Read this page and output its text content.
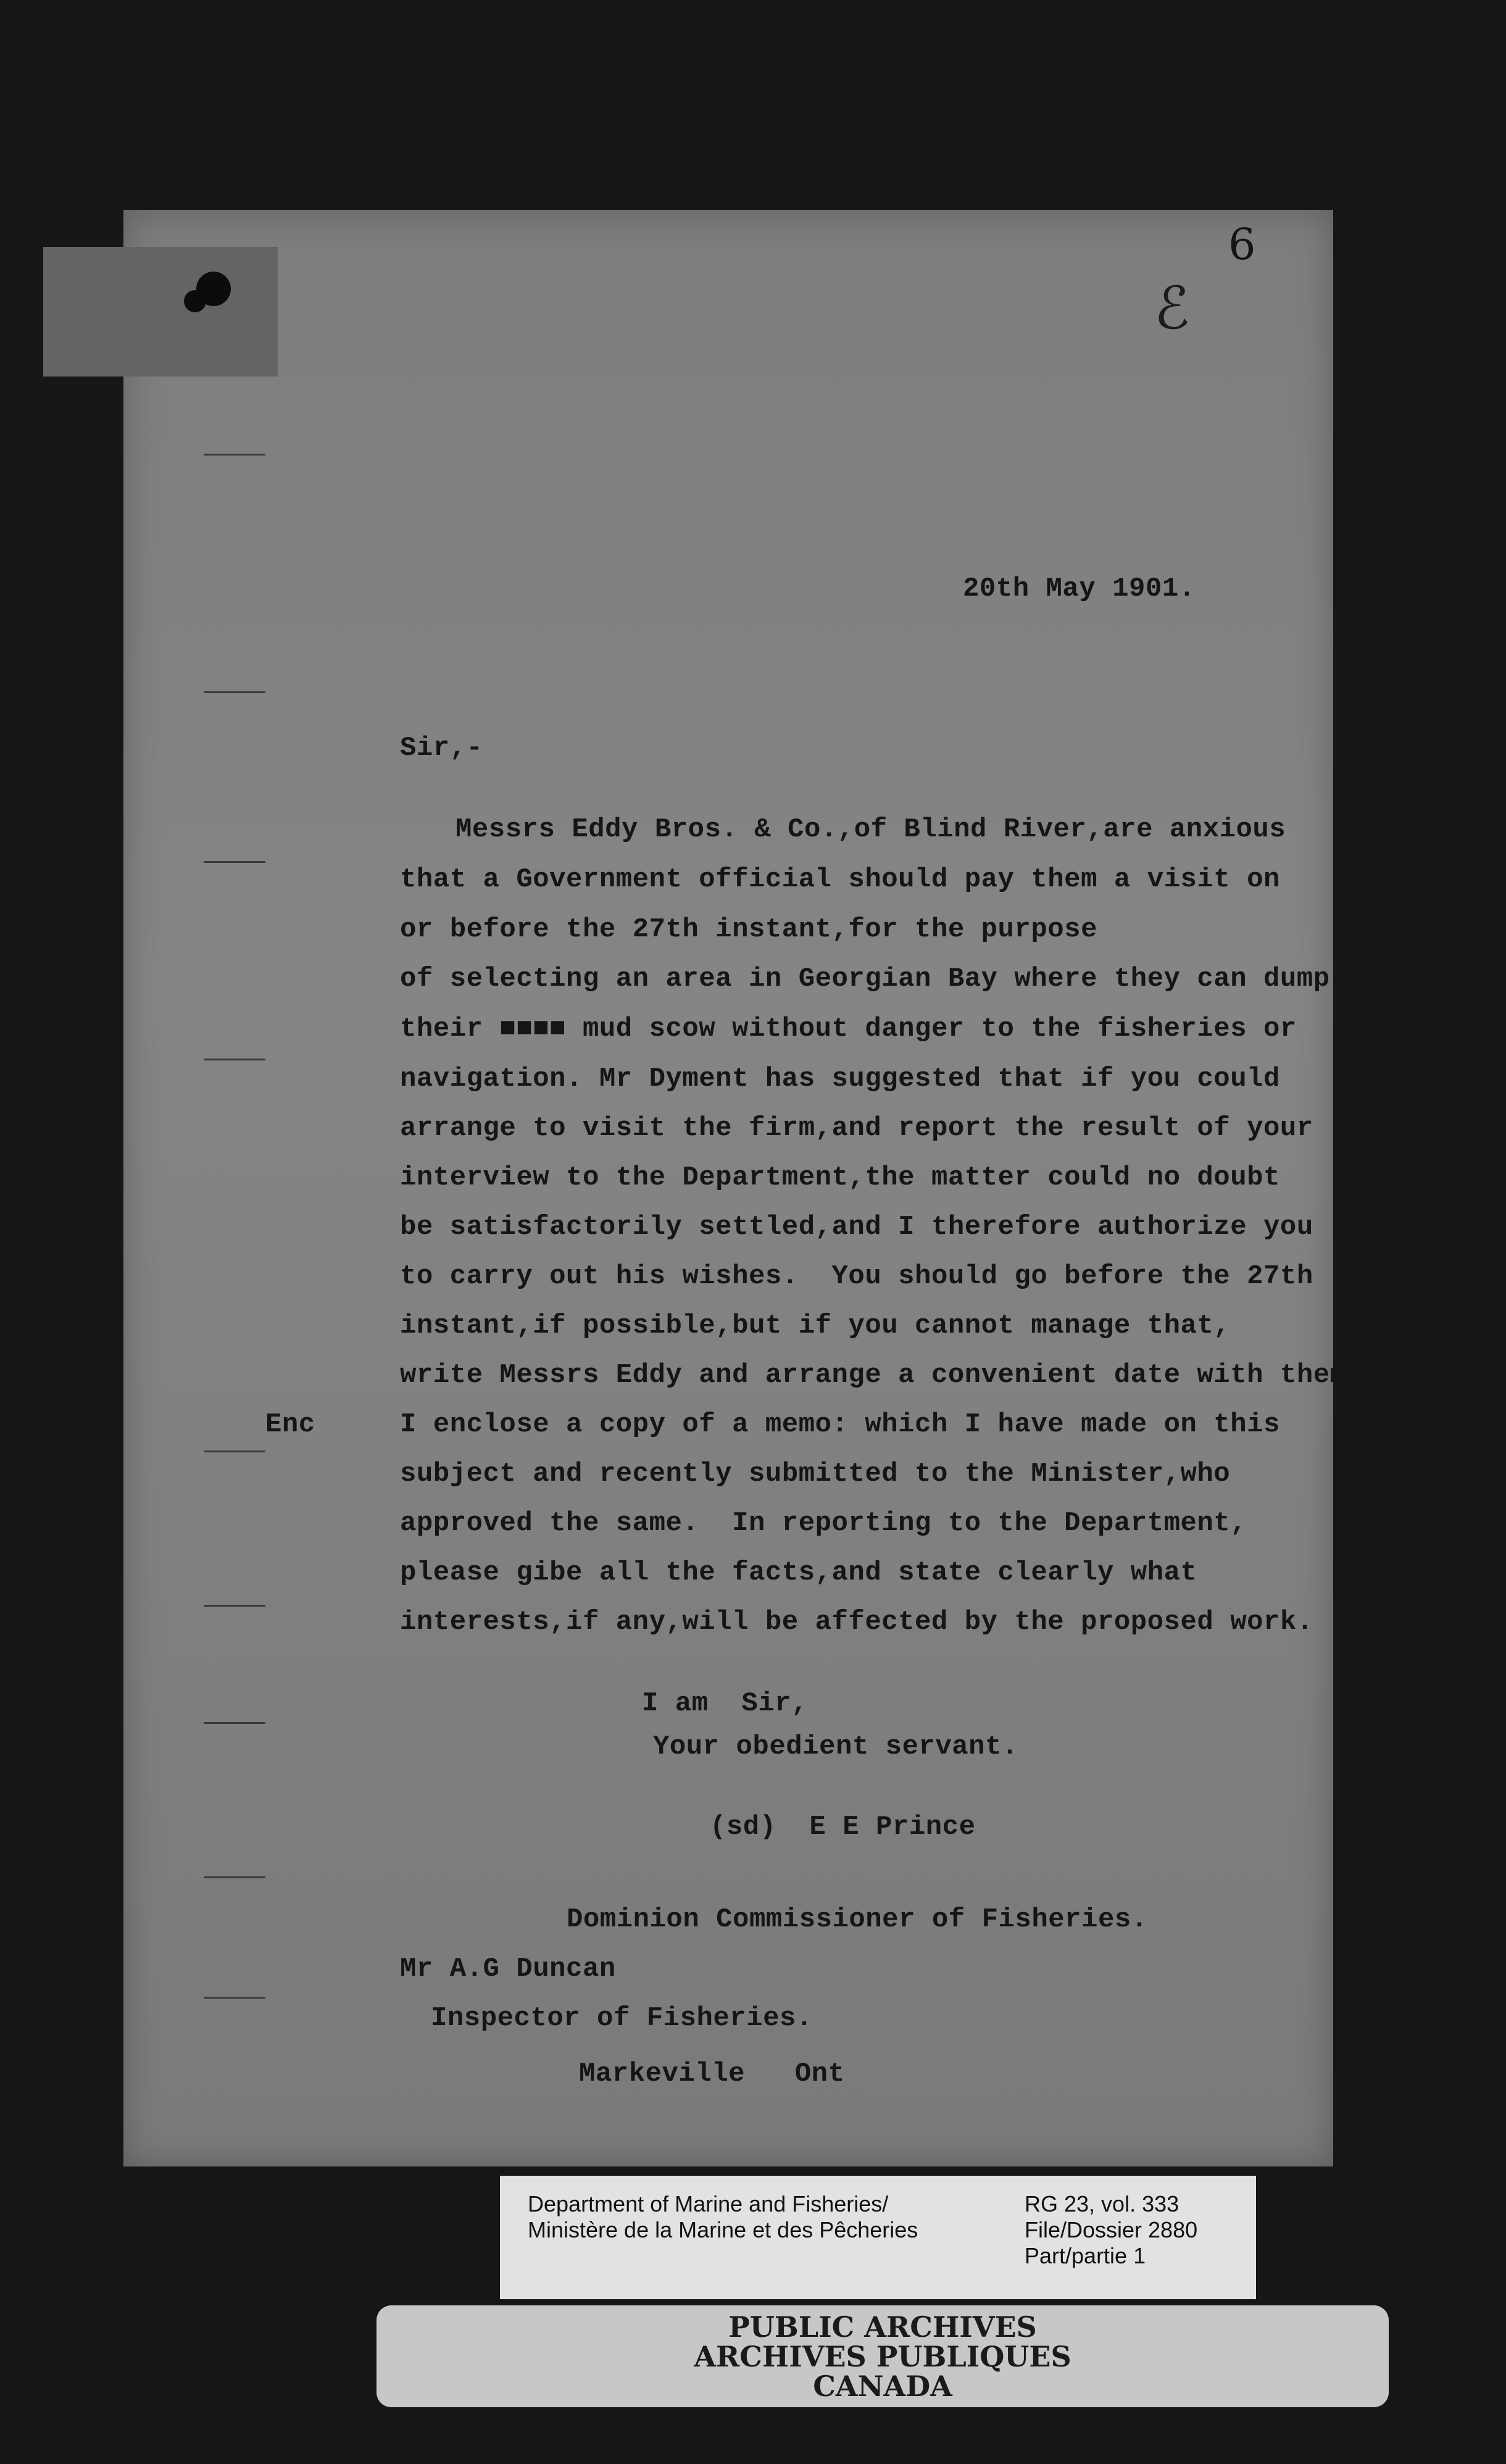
6
ℰ
20th May 1901.
Sir,-
Messrs Eddy Bros. & Co.,of Blind River,are anxious
that a Government official should pay them a visit on
or before the 27th instant,for the purpose
of selecting an area in Georgian Bay where they can dump
their ■■■■ mud scow without danger to the fisheries or
navigation. Mr Dyment has suggested that if you could
arrange to visit the firm,and report the result of your
interview to the Department,the matter could no doubt
be satisfactorily settled,and I therefore authorize you
to carry out his wishes.  You should go before the 27th
instant,if possible,but if you cannot manage that,
write Messrs Eddy and arrange a convenient date with them.
Enc	I enclose a copy of a memo: which I have made on this
subject and recently submitted to the Minister,who
approved the same.  In reporting to the Department,
please gibe all the facts,and state clearly what
interests,if any,will be affected by the proposed work.
I am  Sir,
Your obedient servant.
(sd)  E E Prince
Dominion Commissioner of Fisheries.
Mr A.G Duncan
Inspector of Fisheries.
Markeville   Ont
Department of Marine and Fisheries/
Ministère de la Marine et des Pêcheries
RG 23, vol. 333
File/Dossier 2880
Part/partie 1
PUBLIC ARCHIVES
ARCHIVES PUBLIQUES
CANADA
